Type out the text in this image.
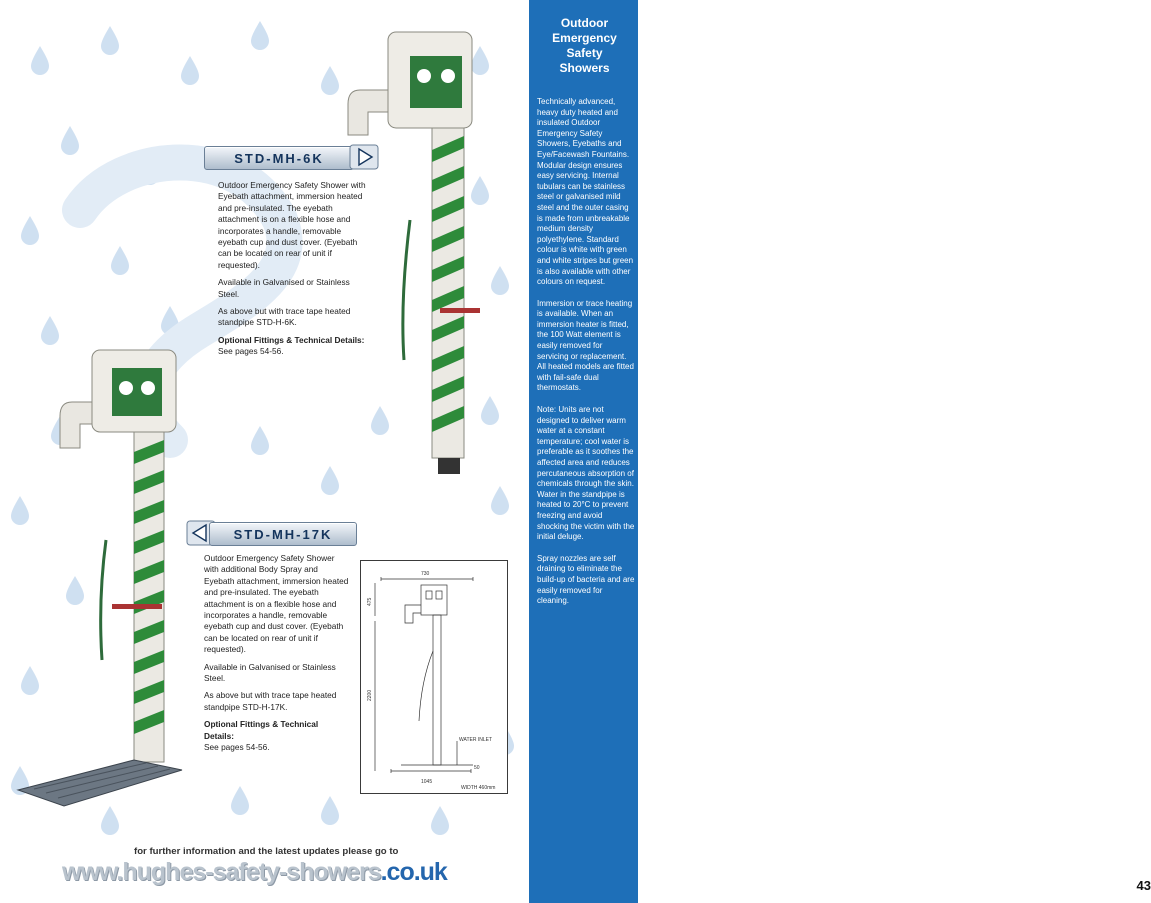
STD-MH-6K

Outdoor Emergency Safety Shower with Eyebath attachment, immersion heated and pre-insulated. The eyebath attachment is on a flexible hose and incorporates a handle, removable eyebath cup and dust cover. (Eyebath can be located on rear of unit if requested).

Available in Galvanised or Stainless Steel.

As above but with trace tape heated standpipe STD-H-6K.

Optional Fittings & Technical Details:

See pages 54-56.

STD-MH-17K

Outdoor Emergency Safety Shower with additional Body Spray and Eyebath attachment, immersion heated and pre-insulated. The eyebath attachment is on a flexible hose and incorporates a handle, removable eyebath cup and dust cover. (Eyebath can be located on rear of unit if requested).

Available in Galvanised or Stainless Steel.

As above but with trace tape heated standpipe STD-H-17K.

Optional Fittings & Technical Details:

See pages 54-56.

730
475
2200
WATER INLET
50
1045
WIDTH 460mm
for further information and the latest updates please go to
www.hughes-safety-showers.co.uk
Outdoor
Emergency
Safety
Showers

Technically advanced, heavy duty heated and insulated Outdoor Emergency Safety Showers, Eyebaths and Eye/Facewash Fountains. Modular design ensures easy servicing. Internal tubulars can be stainless steel or galvanised mild steel and the outer casing is made from unbreakable medium density polyethylene. Standard colour is white with green and white stripes but green is also available with other colours on request.

Immersion or trace heating is available. When an immersion heater is fitted, the 100 Watt element is easily removed for servicing or replacement. All heated models are fitted with fail-safe dual thermostats.

Note: Units are not designed to deliver warm water at a constant temperature; cool water is preferable as it soothes the affected area and reduces percutaneous absorption of chemicals through the skin. Water in the standpipe is heated to 20°C to prevent freezing and avoid shocking the victim with the initial deluge.

Spray nozzles are self draining to eliminate the build-up of bacteria and are easily removed for cleaning.

43
